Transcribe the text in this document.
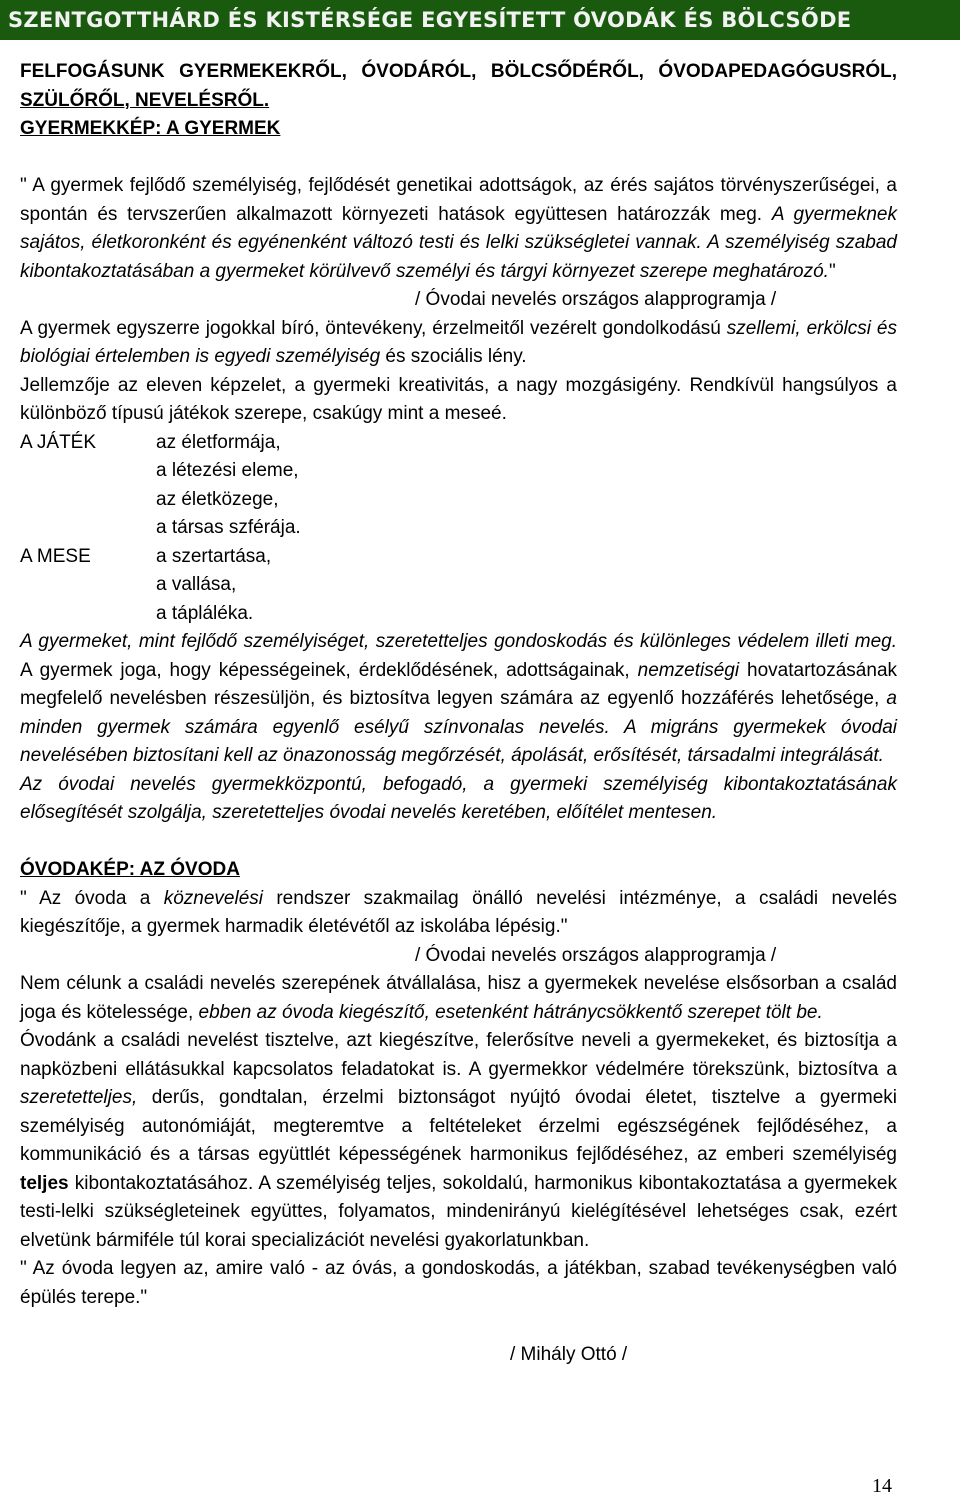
SZENTGOTTHÁRD ÉS KISTÉRSÉGE EGYESÍTETT ÓVODÁK ÉS BÖLCSŐDE

FELFOGÁSUNK GYERMEKEKRŐL, ÓVODÁRÓL, BÖLCSŐDÉRŐL, ÓVODAPEDAGÓGUSRÓL,

SZÜLŐRŐL, NEVELÉSRŐL.

GYERMEKKÉP: A GYERMEK

" A gyermek fejlődő személyiség, fejlődését genetikai adottságok, az érés sajátos törvényszerűségei, a spontán és tervszerűen alkalmazott környezeti hatások együttesen határozzák meg. A gyermeknek sajátos, életkoronként és egyénenként változó testi és lelki szükségletei vannak. A személyiség szabad kibontakoztatásában a gyermeket körülvevő személyi és tárgyi környezet szerepe meghatározó."

/ Óvodai nevelés országos alapprogramja /

A gyermek egyszerre jogokkal bíró, öntevékeny, érzelmeitől vezérelt gondolkodású szellemi, erkölcsi és biológiai értelemben is egyedi személyiség és szociális lény.

Jellemzője az eleven képzelet, a gyermeki kreativitás, a nagy mozgásigény. Rendkívül hangsúlyos a különböző típusú játékok szerepe, csakúgy mint a meseé.

A JÁTÉK	az életformája,

a létezési eleme,

az életközege,

a társas szférája.

A MESE	a szertartása,

a vallása,

a tápláléka.

A gyermeket, mint fejlődő személyiséget, szeretetteljes gondoskodás és különleges védelem illeti meg. A gyermek joga, hogy képességeinek, érdeklődésének, adottságainak, nemzetiségi hovatartozásának megfelelő nevelésben részesüljön, és biztosítva legyen számára az egyenlő hozzáférés lehetősége, a minden gyermek számára egyenlő esélyű színvonalas nevelés. A migráns gyermekek óvodai nevelésében biztosítani kell az önazonosság megőrzését, ápolását, erősítését, társadalmi integrálását.

Az óvodai nevelés gyermekközpontú, befogadó, a gyermeki személyiség kibontakoztatásának elősegítését szolgálja, szeretetteljes óvodai nevelés keretében, előítélet mentesen.

ÓVODAKÉP: AZ ÓVODA

" Az óvoda a köznevelési rendszer szakmailag önálló nevelési intézménye, a családi nevelés kiegészítője, a gyermek harmadik életévétől az iskolába lépésig."

/ Óvodai nevelés országos alapprogramja /

Nem célunk a családi nevelés szerepének átvállalása, hisz a gyermekek nevelése elsősorban a család joga és kötelessége, ebben az óvoda kiegészítő, esetenként hátránycsökkentő szerepet tölt be.

Óvodánk a családi nevelést tisztelve, azt kiegészítve, felerősítve neveli a gyermekeket, és biztosítja a napközbeni ellátásukkal kapcsolatos feladatokat is. A gyermekkor védelmére törekszünk, biztosítva a szeretetteljes, derűs, gondtalan, érzelmi biztonságot nyújtó óvodai életet, tisztelve a gyermeki személyiség autonómiáját, megteremtve a feltételeket érzelmi egészségének fejlődéséhez, a kommunikáció és a társas együttlét képességének harmonikus fejlődéséhez, az emberi személyiség teljes kibontakoztatásához. A személyiség teljes, sokoldalú, harmonikus kibontakoztatása a gyermekek testi-lelki szükségleteinek együttes, folyamatos, mindenirányú kielégítésével lehetséges csak, ezért elvetünk bármiféle túl korai specializációt nevelési gyakorlatunkban.

" Az óvoda legyen az, amire való - az óvás, a gondoskodás, a játékban, szabad tevékenységben való épülés terepe."

/ Mihály Ottó /

14
